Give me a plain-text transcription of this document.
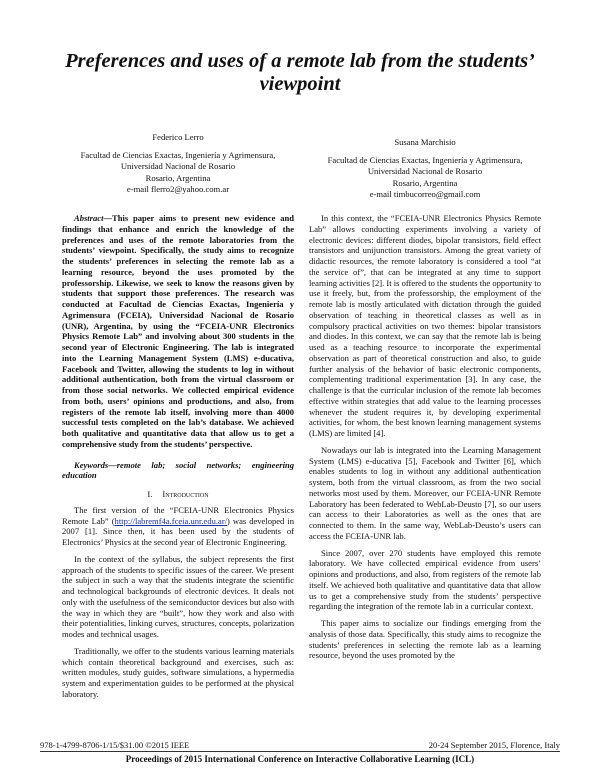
Preferences and uses of a remote lab from the students’ viewpoint
Federico Lerro
Facultad de Ciencias Exactas, Ingeniería y Agrimensura,
Universidad Nacional de Rosario
Rosario, Argentina
e-mail flerro2@yahoo.com.ar
Susana Marchisio
Facultad de Ciencias Exactas, Ingeniería y Agrimensura,
Universidad Nacional de Rosario
Rosario, Argentina
e-mail timbucorreo@gmail.com

Abstract—This paper aims to present new evidence and findings that enhance and enrich the knowledge of the preferences and uses of the remote laboratories from the students’ viewpoint. Specifically, the study aims to recognize the students’ preferences in selecting the remote lab as a learning resource, beyond the uses promoted by the professorship. Likewise, we seek to know the reasons given by students that support those preferences. The research was conducted at Facultad de Ciencias Exactas, Ingeniería y Agrimensura (FCEIA), Universidad Nacional de Rosario (UNR), Argentina, by using the “FCEIA-UNR Electronics Physics Remote Lab” and involving about 300 students in the second year of Electronic Engineering. The lab is integrated into the Learning Management System (LMS) e-ducativa, Facebook and Twitter, allowing the students to log in without additional authentication, both from the virtual classroom or from those social networks. We collected empirical evidence from both, users’ opinions and productions, and also, from registers of the remote lab itself, involving more than 4000 successful tests completed on the lab’s database. We achieved both qualitative and quantitative data that allow us to get a comprehensive study from the students’ perspective.

Keywords—remote lab; social networks; engineering education

I. Introduction

The first version of the “FCEIA-UNR Electronics Physics Remote Lab” (http://labremf4a.fceia.unr.edu.ar/) was developed in 2007 [1]. Since then, it has been used by the students of Electronics’ Physics at the second year of Electronic Engineering.

In the context of the syllabus, the subject represents the first approach of the students to specific issues of the career. We present the subject in such a way that the students integrate the scientific and technological backgrounds of electronic devices. It deals not only with the usefulness of the semiconductor devices but also with the way in which they are “built”, how they work and also with their potentialities, linking curves, structures, concepts, polarization modes and technical usages.

Traditionally, we offer to the students various learning materials which contain theoretical background and exercises, such as: written modules, study guides, software simulations, a hypermedia system and experimentation guides to be performed at the physical laboratory.

In this context, the “FCEIA-UNR Electronics Physics Remote Lab” allows conducting experiments involving a variety of electronic devices: different diodes, bipolar transistors, field effect transistors and unijunction transistors. Among the great variety of didactic resources, the remote laboratory is considered a tool “at the service of”, that can be integrated at any time to support learning activities [2]. It is offered to the students the opportunity to use it freely, but, from the professorship, the employment of the remote lab is mostly articulated with dictation through the guided observation of teaching in theoretical classes as well as in compulsory practical activities on two themes: bipolar transistors and diodes. In this context, we can say that the remote lab is being used as a teaching resource to incorporate the experimental observation as part of theoretical construction and also, to guide further analysis of the behavior of basic electronic components, complementing traditional experimentation [3]. In any case, the challenge is that the curricular inclusion of the remote lab becomes effective within strategies that add value to the learning processes whenever the student requires it, by developing experimental activities, for whom, the best known learning management systems (LMS) are limited [4].

Nowadays our lab is integrated into the Learning Management System (LMS) e-ducativa [5], Facebook and Twitter [6], which enables students to log in without any additional authentication system, both from the virtual classroom, as from the two social networks most used by them. Moreover, our FCEIA-UNR Remote Laboratory has been federated to WebLab-Deusto [7], so our users can access to their Laboratories as well as the ones that are connected to them. In the same way, WebLab-Deusto’s users can access the FCEIA-UNR lab.

Since 2007, over 270 students have employed this remote laboratory. We have collected empirical evidence from users’ opinions and productions, and also, from registers of the remote lab itself. We achieved both qualitative and quantitative data that allow us to get a comprehensive study from the students’ perspective regarding the integration of the remote lab in a curricular context.

This paper aims to socialize our findings emerging from the analysis of those data. Specifically, this study aims to recognize the students’ preferences in selecting the remote lab as a learning resource, beyond the uses promoted by the

978-1-4799-8706-1/15/$31.00 ©2015 IEEE	20-24 September 2015, Florence, Italy
Proceedings of 2015 International Conference on Interactive Collaborative Learning (ICL)
